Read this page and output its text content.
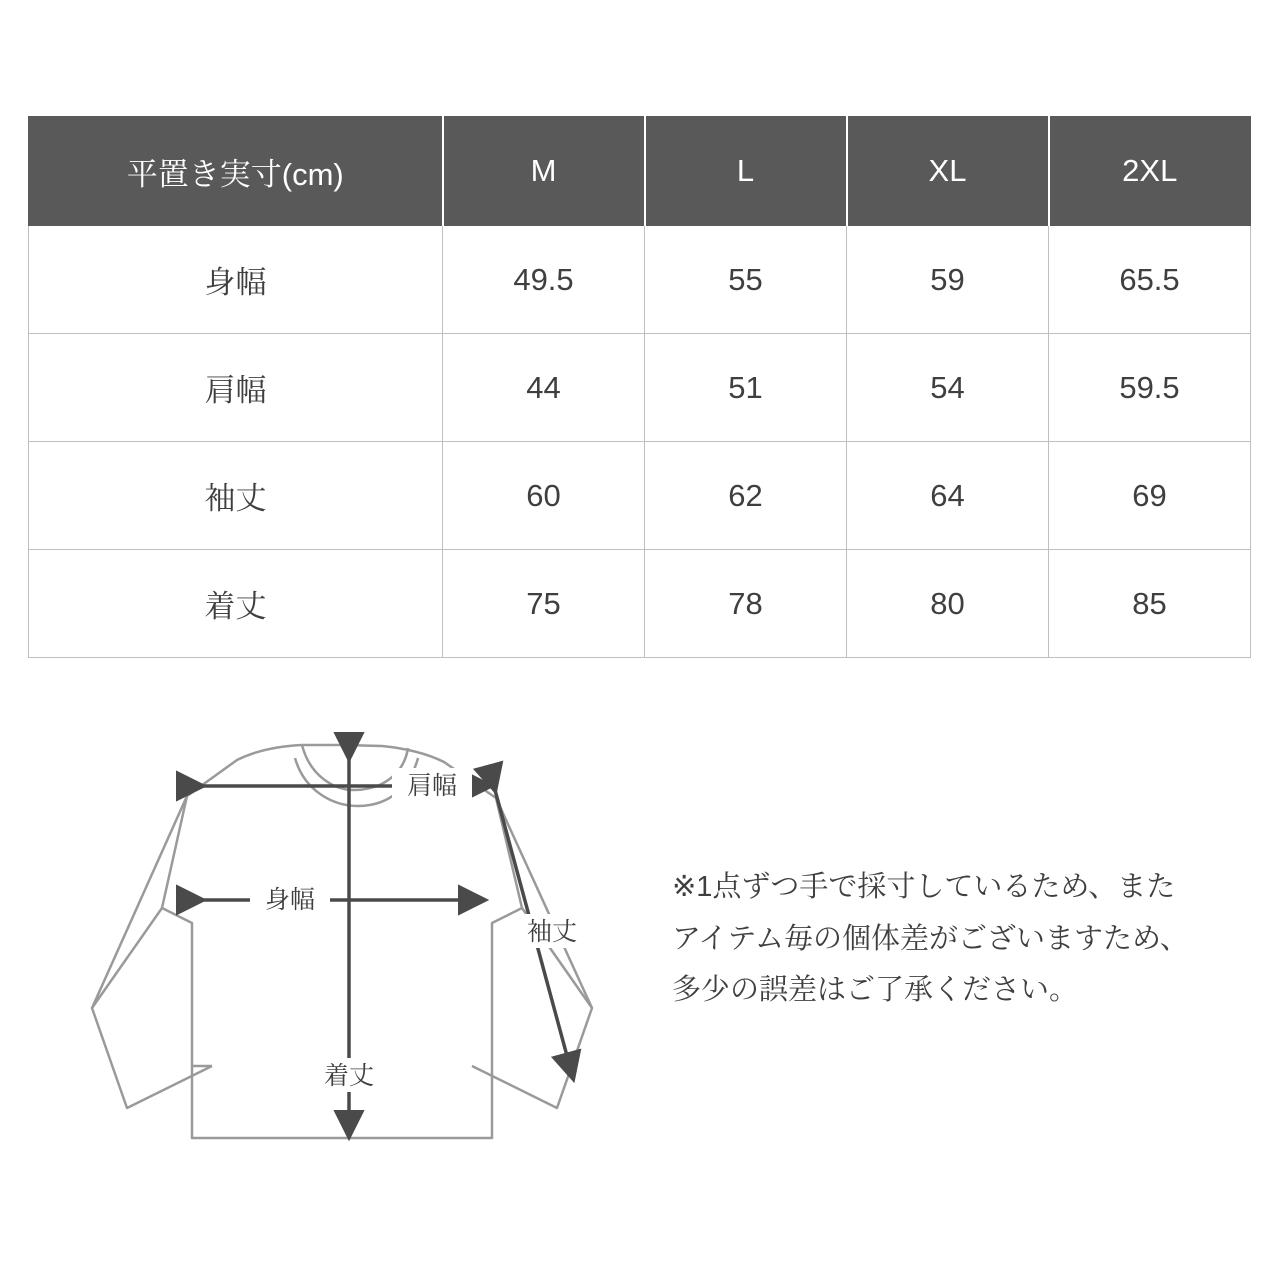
平置き実寸(cm)	M	L	XL	2XL
身幅	49.5	55	59	65.5
肩幅	44	51	54	59.5
袖丈	60	62	64	69
着丈	75	78	80	85
肩幅
身幅
袖丈
着丈
※1点ずつ手で採寸しているため、また
アイテム毎の個体差がございますため、
多少の誤差はご了承ください。
